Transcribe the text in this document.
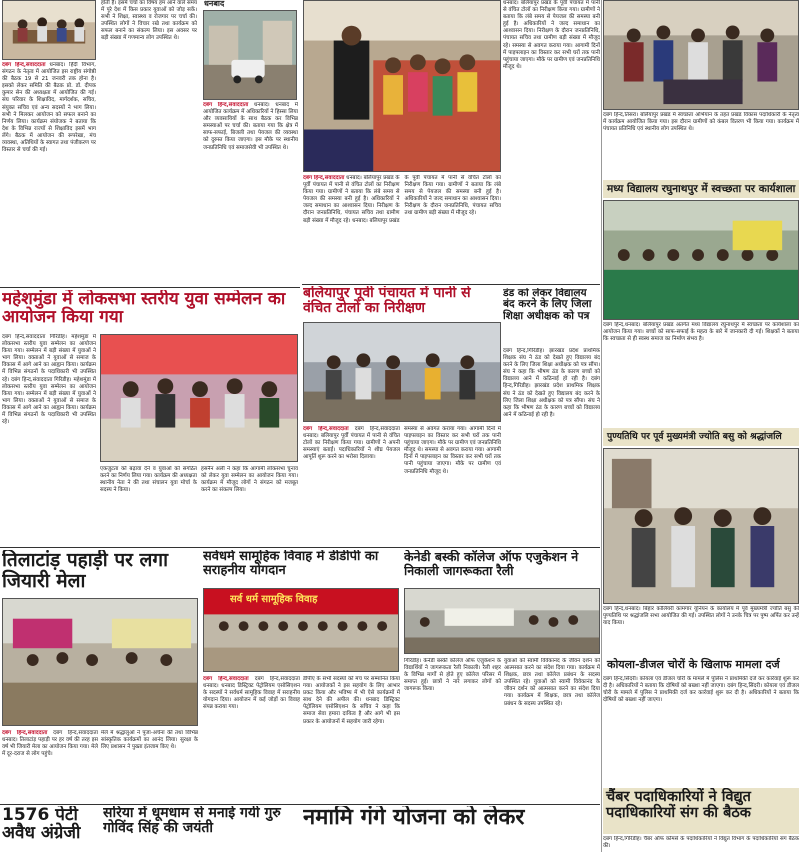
दबंग हिन्द,संवाददाता धनबाद। हिंदी विभाग, संगठन के नेतृत्व में आयोजित इस राष्ट्रीय संगोष्ठी की बैठक 19 से 21 जनवरी तक होना है। इसको लेकर समिति की बैठक प्रो. डॉ. दीपक कुमार सेन की अध्यक्षता में आयोजित की गई। संघ परिवार के शिक्षाविद, मार्गदर्शक, सचिव, संयुक्त सचिव एवं अन्य सदस्यों ने भाग लिया। सभी ने मिलकर आयोजन को सफल बनाने का निर्णय लिया। कार्यक्रम संयोजक ने बताया कि देश के विभिन्न राज्यों से शिक्षाविद इसमें भाग लेंगे। बैठक में आयोजन की रूपरेखा, मंच व्यवस्था, अतिथियों के स्वागत तथा पंजीकरण पर विस्तार से चर्चा की गई।
होती है। इसमें चर्चा का विषय हम आने वाले समय में पूरे देश में किस प्रकार युवाओं को जोड़ सकें। सभी ने शिक्षा, स्वास्थ्य व रोजगार पर चर्चा की। उपस्थित लोगों ने विचार रखे तथा कार्यक्रम को सफल बनाने का संकल्प लिया। इस अवसर पर बड़ी संख्या में गणमान्य लोग उपस्थित थे।
धनबाद
दबंग हिन्द,संवाददाता धनबाद। धनबाद में आयोजित कार्यक्रम में अधिकारियों ने हिस्सा लिया और व्यवसायियों के साथ बैठक कर विभिन्न समस्याओं पर चर्चा की। बताया गया कि क्षेत्र में साफ-सफाई, बिजली तथा पेयजल की व्यवस्था को दुरुस्त किया जाएगा। इस मौके पर स्थानीय जनप्रतिनिधि एवं समाजसेवी भी उपस्थित थे।
दबंग हिन्द,संवाददाता धनबाद। बलियापुर प्रखंड के पूर्वी पंचायत में पानी से वंचित टोलों का निरीक्षण किया गया। ग्रामीणों ने बताया कि लंबे समय से पेयजल की समस्या बनी हुई है। अधिकारियों ने जल्द समाधान का आश्वासन दिया। निरीक्षण के दौरान जनप्रतिनिधि, पंचायत सचिव तथा ग्रामीण बड़ी संख्या में मौजूद रहे। धनबाद। बलियापुर प्रखंड के पूर्वी पंचायत में पानी से वंचित टोलों का निरीक्षण किया गया। ग्रामीणों ने बताया कि लंबे समय से पेयजल की समस्या बनी हुई है। अधिकारियों ने जल्द समाधान का आश्वासन दिया। निरीक्षण के दौरान जनप्रतिनिधि, पंचायत सचिव तथा ग्रामीण बड़ी संख्या में मौजूद रहे।
दबंग हिन्द,तिसरा। बलियापुर प्रखंड में स्वच्छता अभियान के तहत प्रखंड विकास पदाधिकारी के नेतृत्व में कार्यक्रम आयोजित किया गया। इस दौरान ग्रामीणों को कंबल वितरण भी किया गया। कार्यक्रम में पंचायत प्रतिनिधि एवं स्थानीय लोग उपस्थित थे।
मध्य विद्यालय रघुनाथपुर में स्वच्छता पर कार्यशाला
दबंग हिन्द,धनबाद। बलियापुर प्रखंड अंतर्गत मध्य विद्यालय रघुनाथपुर में स्वच्छता पर कार्यशाला का आयोजन किया गया। बच्चों को साफ-सफाई के महत्व के बारे में जानकारी दी गई। शिक्षकों ने बताया कि स्वच्छता से ही स्वस्थ समाज का निर्माण संभव है।
पुण्यतिथि पर पूर्व मुख्यमंत्री ज्योति बसु को श्रद्धांजलि
दबंग हिन्द,धनबाद। बिहार कोलियरी कामगार यूनियन के कार्यालय में पूर्व मुख्यमंत्री ज्योति बसु की पुण्यतिथि पर श्रद्धांजलि सभा आयोजित की गई। उपस्थित लोगों ने उनके चित्र पर पुष्प अर्पित कर उन्हें याद किया।
कोयला-डीजल चोरों के खिलाफ मामला दर्ज
दबंग हिन्द,सिंदरी। कोयला एवं डीजल चोरी के मामले में पुलिस ने प्राथमिकी दर्ज कर कार्रवाई शुरू कर दी है। अधिकारियों ने बताया कि दोषियों को बख्शा नहीं जाएगा। दबंग हिन्द,सिंदरी। कोयला एवं डीजल चोरी के मामले में पुलिस ने प्राथमिकी दर्ज कर कार्रवाई शुरू कर दी है। अधिकारियों ने बताया कि दोषियों को बख्शा नहीं जाएगा।
चैंबर पदाधिकारियों ने विद्युत पदाधिकारियों संग की बैठक
दबंग हिन्द,गिरिडीह। चैंबर ऑफ कॉमर्स के पदाधिकारियों ने विद्युत विभाग के पदाधिकारियों संग बैठक की।
धनबाद। बलियापुर प्रखंड के पूर्वी पंचायत में पानी से वंचित टोलों का निरीक्षण किया गया। ग्रामीणों ने बताया कि लंबे समय से पेयजल की समस्या बनी हुई है। अधिकारियों ने जल्द समाधान का आश्वासन दिया। निरीक्षण के दौरान जनप्रतिनिधि, पंचायत सचिव तथा ग्रामीण बड़ी संख्या में मौजूद रहे। समस्या से अवगत कराया गया। आगामी दिनों में पाइपलाइन का विस्तार कर सभी घरों तक पानी पहुंचाया जाएगा। मौके पर ग्रामीण एवं जनप्रतिनिधि मौजूद थे।
बलियापुर पूर्वी पंचायत में पानी से वंचित टोलों का निरीक्षण
दबंग हिन्द,संवाददाता दबंग हिन्द,संवाददाता धनबाद। बलियापुर पूर्वी पंचायत में पानी से वंचित टोलों का निरीक्षण किया गया। ग्रामीणों ने अपनी समस्याएं बताईं। पदाधिकारियों ने शीघ्र पेयजल आपूर्ति शुरू करने का भरोसा दिलाया।
समस्या से अवगत कराया गया। आगामी दिनों में पाइपलाइन का विस्तार कर सभी घरों तक पानी पहुंचाया जाएगा। मौके पर ग्रामीण एवं जनप्रतिनिधि मौजूद थे। समस्या से अवगत कराया गया। आगामी दिनों में पाइपलाइन का विस्तार कर सभी घरों तक पानी पहुंचाया जाएगा। मौके पर ग्रामीण एवं जनप्रतिनिधि मौजूद थे।
डंड को लेकर विद्यालय बंद करने के लिए जिला शिक्षा अधीक्षक को पत्र
दबंग हिन्द,गिरिडीह। झारखंड प्रदेश प्राथमिक शिक्षक संघ ने ठंड को देखते हुए विद्यालय बंद करने के लिए जिला शिक्षा अधीक्षक को पत्र सौंपा। संघ ने कहा कि भीषण ठंड के कारण बच्चों को विद्यालय आने में कठिनाई हो रही है। दबंग हिन्द,गिरिडीह। झारखंड प्रदेश प्राथमिक शिक्षक संघ ने ठंड को देखते हुए विद्यालय बंद करने के लिए जिला शिक्षा अधीक्षक को पत्र सौंपा। संघ ने कहा कि भीषण ठंड के कारण बच्चों को विद्यालय आने में कठिनाई हो रही है।
महेशमुंडा में लोकसभा स्तरीय युवा सम्मेलन का आयोजन किया गया
दबंग हिन्द,संवाददाता गिरिडीह। महेशमुंडा में लोकसभा स्तरीय युवा सम्मेलन का आयोजन किया गया। सम्मेलन में बड़ी संख्या में युवाओं ने भाग लिया। वक्ताओं ने युवाओं से समाज के विकास में आगे आने का आह्वान किया। कार्यक्रम में विभिन्न संगठनों के पदाधिकारी भी उपस्थित रहे। दबंग हिन्द,संवाददाता गिरिडीह। महेशमुंडा में लोकसभा स्तरीय युवा सम्मेलन का आयोजन किया गया। सम्मेलन में बड़ी संख्या में युवाओं ने भाग लिया। वक्ताओं ने युवाओं से समाज के विकास में आगे आने का आह्वान किया। कार्यक्रम में विभिन्न संगठनों के पदाधिकारी भी उपस्थित रहे।
एकजुटता को बढ़ावा देने व युवाओं को संगठित करने का निर्णय लिया गया। कार्यक्रम की अध्यक्षता स्थानीय नेता ने की तथा संचालन युवा मोर्चा के सदस्य ने किया।
हसनैन अली ने कहा कि आगामी लोकसभा चुनाव को लेकर युवा सम्मेलन का आयोजन किया गया। कार्यक्रम में मौजूद लोगों ने संगठन को मजबूत करने का संकल्प लिया।
तिलाटांड़ पहाड़ी पर लगा जियारी मेला
दबंग हिन्द,संवाददाता दबंग हिन्द,संवाददाता धनबाद। तिलाटांड़ पहाड़ी पर हर वर्ष की तरह इस वर्ष भी जियारी मेला का आयोजन किया गया। मेले में दूर-दराज से लोग पहुंचे।
मेले में श्रद्धालुओं ने पूजा-अर्चना की तथा विभिन्न सांस्कृतिक कार्यक्रमों का आनंद लिया। सुरक्षा के लिए प्रशासन ने पुख्ता इंतजाम किए थे।
सर्वधर्म सामूहिक विवाह में डीडीपी का सराहनीय योगदान
सर्व धर्म सामूहिक विवाह
दबंग हिन्द,संवाददाता दबंग हिन्द,संवाददाता धनबाद। धनबाद डिस्ट्रिक्ट पेट्रोलियम एसोसिएशन के सदस्यों ने सर्वधर्म सामूहिक विवाह में सराहनीय योगदान दिया। आयोजन में कई जोड़ों का विवाह संपन्न कराया गया।
डीपीए के सभी सदस्यों को मंच पर सम्मानित किया गया। आयोजकों ने इस सहयोग के लिए आभार प्रकट किया और भविष्य में भी ऐसे कार्यक्रमों में साथ देने की अपील की। धनबाद डिस्ट्रिक्ट पेट्रोलियम एसोसिएशन के सचिव ने कहा कि समाज सेवा हमारा दायित्व है और आगे भी इस प्रकार के आयोजनों में सहयोग जारी रहेगा।
केनेडी बस्की कॉलेज ऑफ एजुकेशन ने निकाली जागरूकता रैली
गिरिडीह। केनेडी बस्की कॉलेज ऑफ एजुकेशन के विद्यार्थियों ने जागरूकता रैली निकाली। रैली शहर के विभिन्न मार्गों से होते हुए कॉलेज परिसर में समाप्त हुई। छात्रों ने नारे लगाकर लोगों को जागरूक किया।
युवाओं को स्वामी विवेकानंद के जीवन दर्शन को आत्मसात करने का संदेश दिया गया। कार्यक्रम में शिक्षक, छात्र तथा कॉलेज प्रबंधन के सदस्य उपस्थित रहे। युवाओं को स्वामी विवेकानंद के जीवन दर्शन को आत्मसात करने का संदेश दिया गया। कार्यक्रम में शिक्षक, छात्र तथा कॉलेज प्रबंधन के सदस्य उपस्थित रहे।
1576 पेटी अवैध अंग्रेजी
सरिया में धूमधाम से मनाई गयी गुरु गोविंद सिंह की जयंती	नमामि गंगे योजना को लेकर
